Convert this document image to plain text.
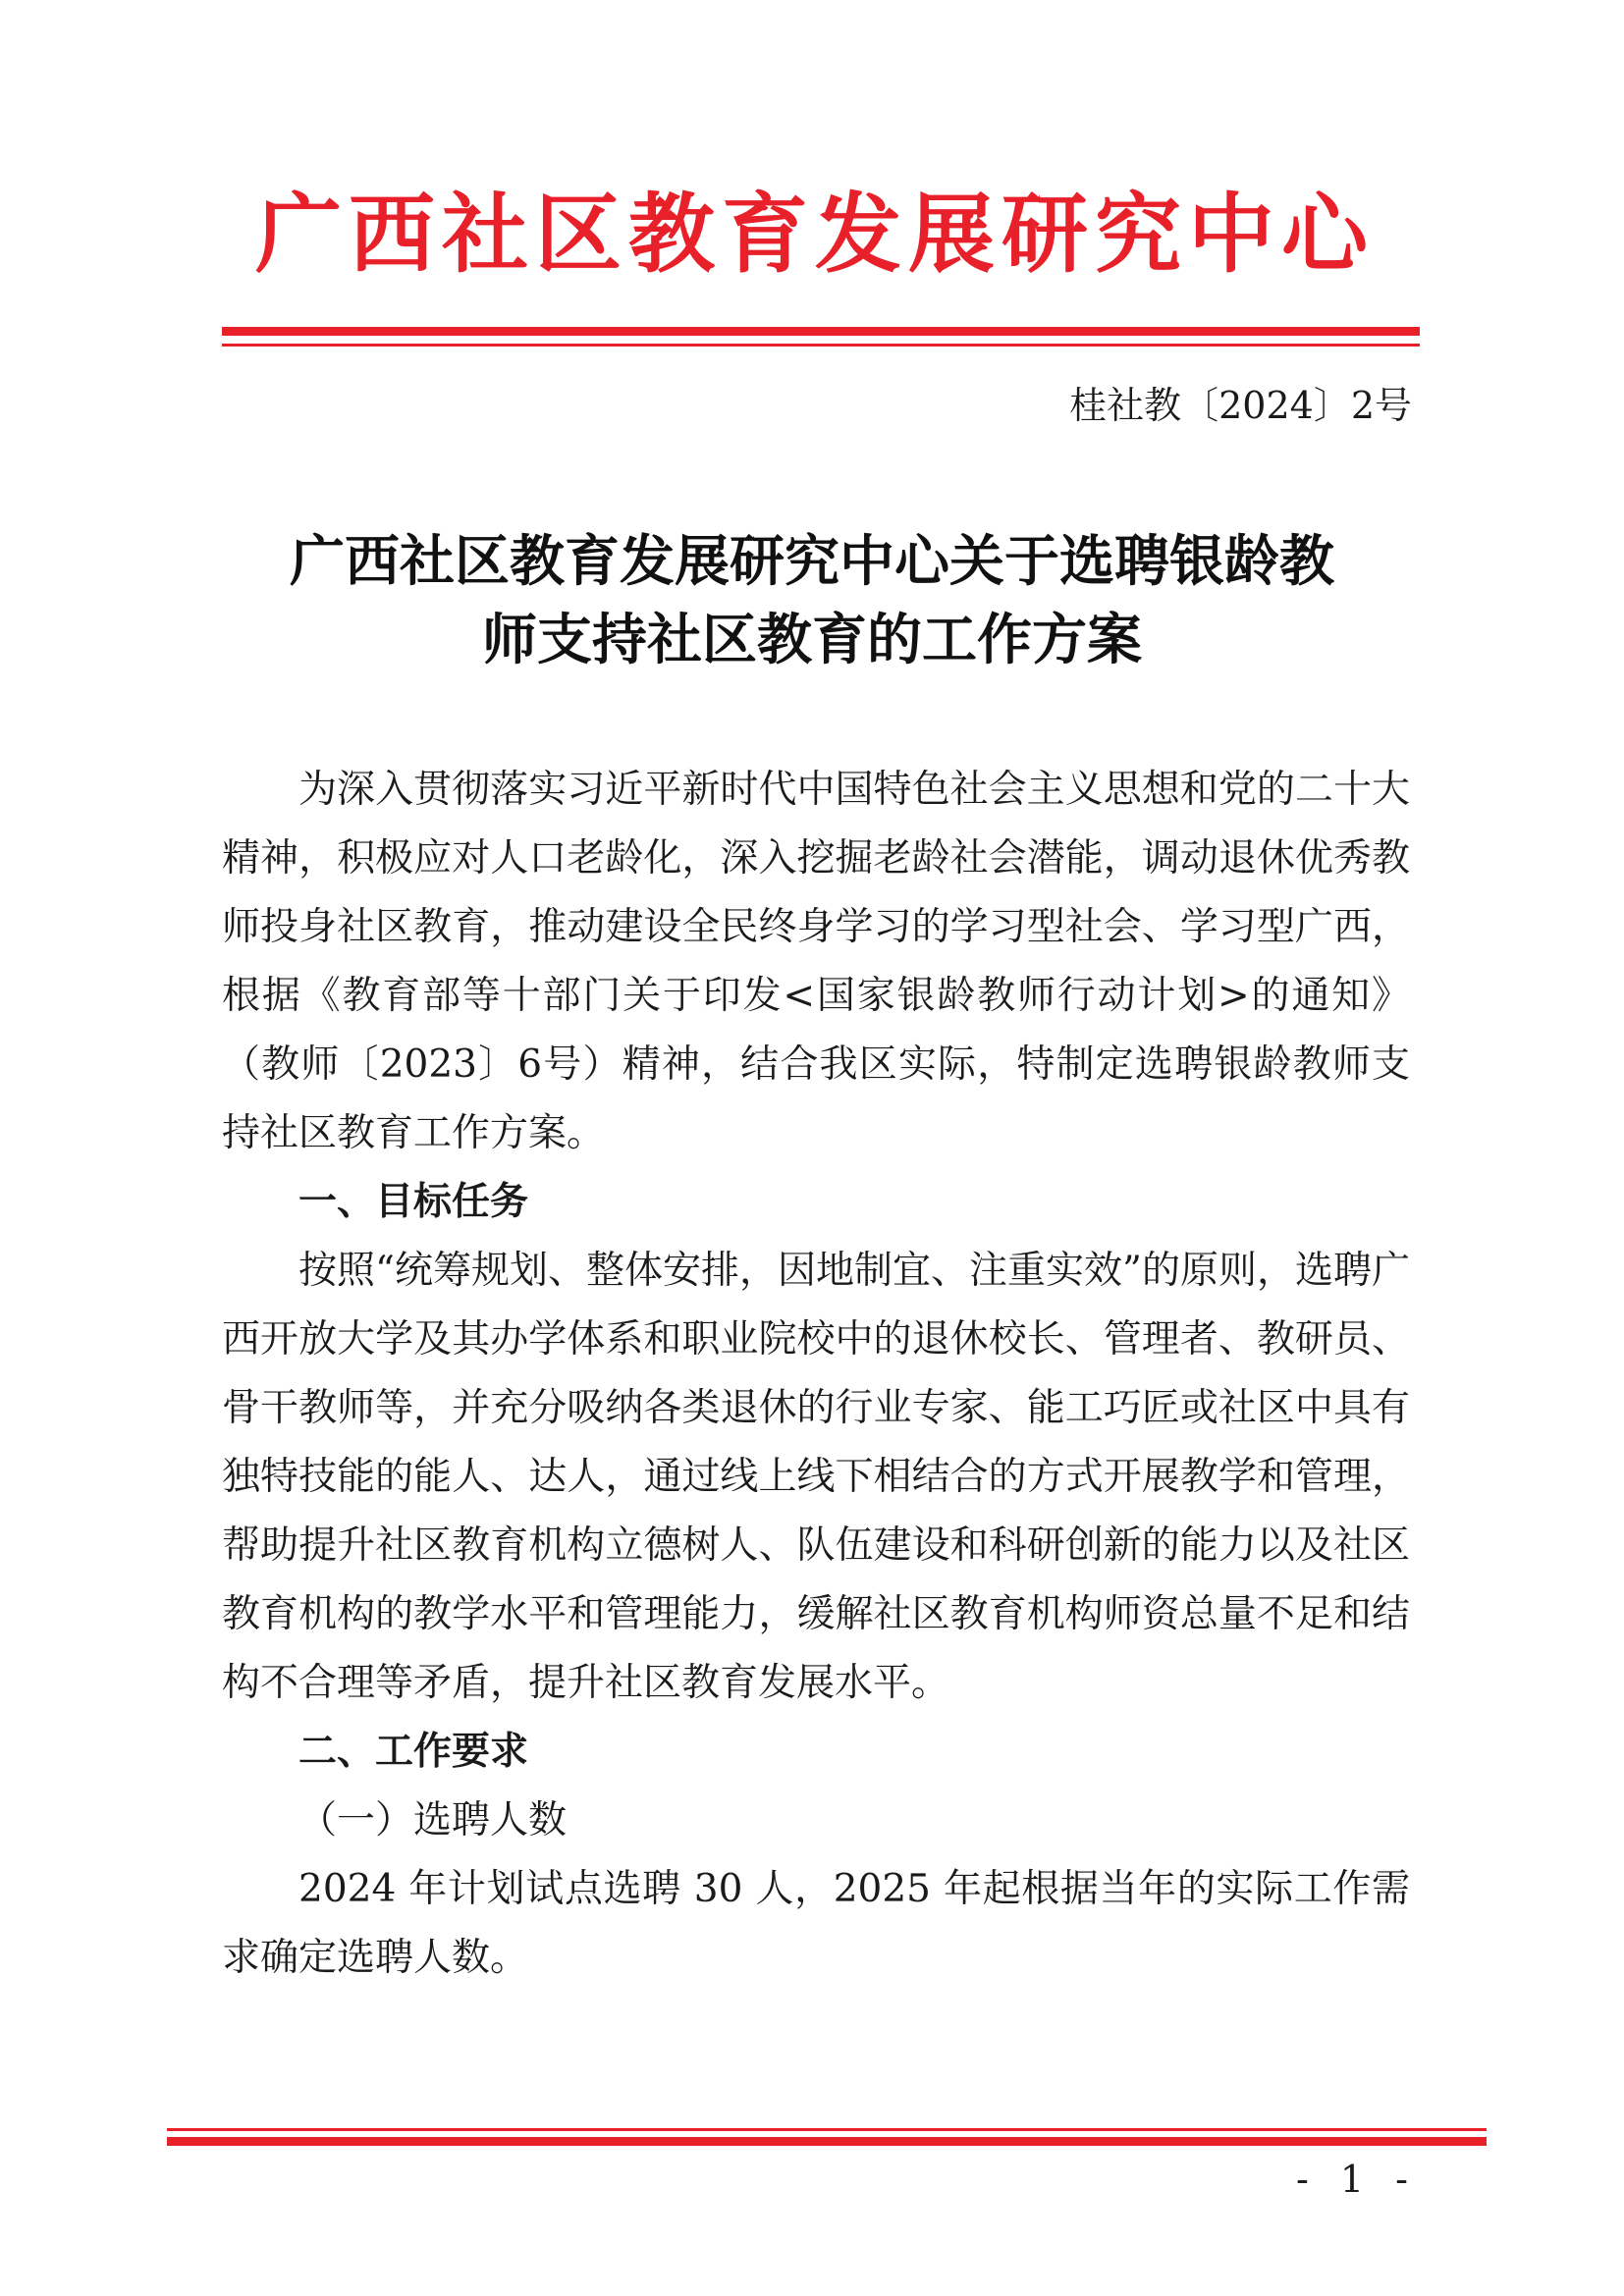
广西社区教育发展研究中心
桂社教〔2024〕2号
广西社区教育发展研究中心关于选聘银龄教
师支持社区教育的工作方案

为深入贯彻落实习近平新时代中国特色社会主义思想和党的二十大精神，积极应对人口老龄化，深入挖掘老龄社会潜能，调动退休优秀教师投身社区教育，推动建设全民终身学习的学习型社会、学习型广西，根据《教育部等十部门关于印发<国家银龄教师行动计划>的通知》（教师〔2023〕6号）精神，结合我区实际，特制定选聘银龄教师支持社区教育工作方案。

一、目标任务

按照“统筹规划、整体安排，因地制宜、注重实效”的原则，选聘广西开放大学及其办学体系和职业院校中的退休校长、管理者、教研员、骨干教师等，并充分吸纳各类退休的行业专家、能工巧匠或社区中具有独特技能的能人、达人，通过线上线下相结合的方式开展教学和管理，帮助提升社区教育机构立德树人、队伍建设和科研创新的能力以及社区教育机构的教学水平和管理能力，缓解社区教育机构师资总量不足和结构不合理等矛盾，提升社区教育发展水平。

二、工作要求

（一）选聘人数

2024 年计划试点选聘 30 人，2025 年起根据当年的实际工作需求确定选聘人数。

- 1 -
